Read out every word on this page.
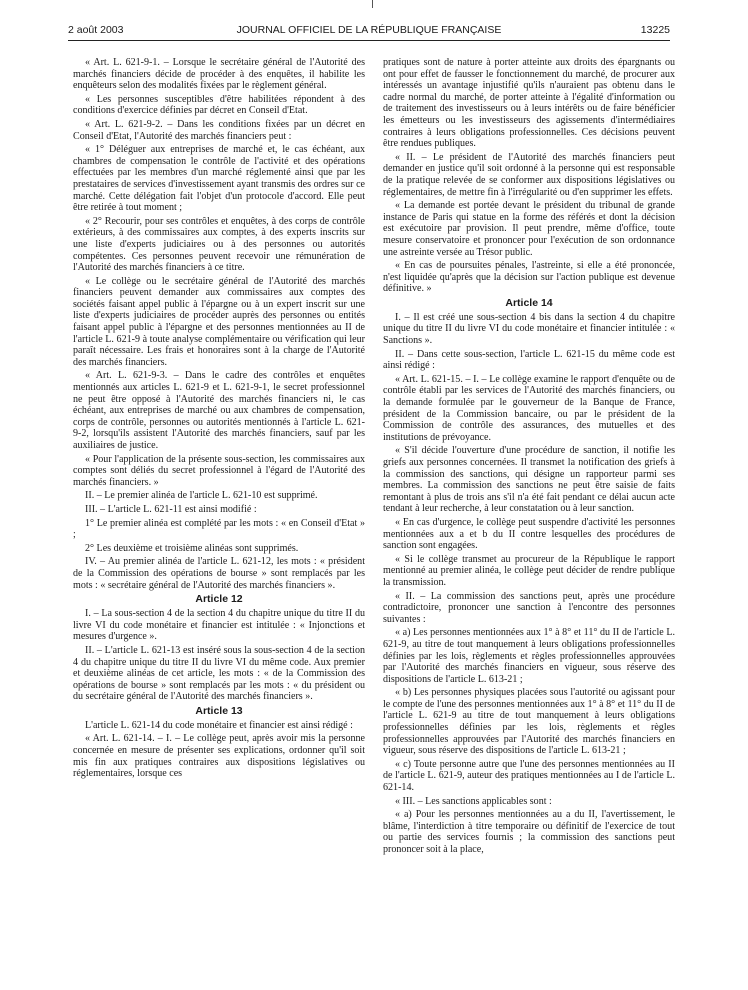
2 août 2003	JOURNAL OFFICIEL DE LA RÉPUBLIQUE FRANÇAISE	13225

« Art. L. 621-9-1. – Lorsque le secrétaire général de l'Autorité des marchés financiers décide de procéder à des enquêtes, il habilite les enquêteurs selon des modalités fixées par le règlement général.

« Les personnes susceptibles d'être habilitées répondent à des conditions d'exercice définies par décret en Conseil d'Etat.

« Art. L. 621-9-2. – Dans les conditions fixées par un décret en Conseil d'Etat, l'Autorité des marchés financiers peut :

« 1° Déléguer aux entreprises de marché et, le cas échéant, aux chambres de compensation le contrôle de l'activité et des opérations effectuées par les membres d'un marché réglementé ainsi que par les prestataires de services d'investissement ayant transmis des ordres sur ce marché. Cette délégation fait l'objet d'un protocole d'accord. Elle peut être retirée à tout moment ;

« 2° Recourir, pour ses contrôles et enquêtes, à des corps de contrôle extérieurs, à des commissaires aux comptes, à des experts inscrits sur une liste d'experts judiciaires ou à des personnes ou autorités compétentes. Ces personnes peuvent recevoir une rémunération de l'Autorité des marchés financiers à ce titre.

« Le collège ou le secrétaire général de l'Autorité des marchés financiers peuvent demander aux commissaires aux comptes des sociétés faisant appel public à l'épargne ou à un expert inscrit sur une liste d'experts judiciaires de procéder auprès des personnes ou entités faisant appel public à l'épargne et des personnes mentionnées au II de l'article L. 621-9 à toute analyse complémentaire ou vérification qui leur paraît nécessaire. Les frais et honoraires sont à la charge de l'Autorité des marchés financiers.

« Art. L. 621-9-3. – Dans le cadre des contrôles et enquêtes mentionnés aux articles L. 621-9 et L. 621-9-1, le secret professionnel ne peut être opposé à l'Autorité des marchés financiers ni, le cas échéant, aux entreprises de marché ou aux chambres de compensation, corps de contrôle, personnes ou autorités mentionnés à l'article L. 621-9-2, lorsqu'ils assistent l'Autorité des marchés financiers, sauf par les auxiliaires de justice.

« Pour l'application de la présente sous-section, les commissaires aux comptes sont déliés du secret professionnel à l'égard de l'Autorité des marchés financiers. »

II. – Le premier alinéa de l'article L. 621-10 est supprimé.

III. – L'article L. 621-11 est ainsi modifié :

1° Le premier alinéa est complété par les mots : « en Conseil d'Etat » ;

2° Les deuxième et troisième alinéas sont supprimés.

IV. – Au premier alinéa de l'article L. 621-12, les mots : « président de la Commission des opérations de bourse » sont remplacés par les mots : « secrétaire général de l'Autorité des marchés financiers ».

Article 12

I. – La sous-section 4 de la section 4 du chapitre unique du titre II du livre VI du code monétaire et financier est intitulée : « Injonctions et mesures d'urgence ».

II. – L'article L. 621-13 est inséré sous la sous-section 4 de la section 4 du chapitre unique du titre II du livre VI du même code. Aux premier et deuxième alinéas de cet article, les mots : « de la Commission des opérations de bourse » sont remplacés par les mots : « du président ou du secrétaire général de l'Autorité des marchés financiers ».

Article 13

L'article L. 621-14 du code monétaire et financier est ainsi rédigé :

« Art. L. 621-14. – I. – Le collège peut, après avoir mis la personne concernée en mesure de présenter ses explications, ordonner qu'il soit mis fin aux pratiques contraires aux dispositions législatives ou réglementaires, lorsque ces

pratiques sont de nature à porter atteinte aux droits des épargnants ou ont pour effet de fausser le fonctionnement du marché, de procurer aux intéressés un avantage injustifié qu'ils n'auraient pas obtenu dans le cadre normal du marché, de porter atteinte à l'égalité d'information ou de traitement des investisseurs ou à leurs intérêts ou de faire bénéficier les émetteurs ou les investisseurs des agissements d'intermédiaires contraires à leurs obligations professionnelles. Ces décisions peuvent être rendues publiques.

« II. – Le président de l'Autorité des marchés financiers peut demander en justice qu'il soit ordonné à la personne qui est responsable de la pratique relevée de se conformer aux dispositions législatives ou réglementaires, de mettre fin à l'irrégularité ou d'en supprimer les effets.

« La demande est portée devant le président du tribunal de grande instance de Paris qui statue en la forme des référés et dont la décision est exécutoire par provision. Il peut prendre, même d'office, toute mesure conservatoire et prononcer pour l'exécution de son ordonnance une astreinte versée au Trésor public.

« En cas de poursuites pénales, l'astreinte, si elle a été prononcée, n'est liquidée qu'après que la décision sur l'action publique est devenue définitive. »

Article 14

I. – Il est créé une sous-section 4 bis dans la section 4 du chapitre unique du titre II du livre VI du code monétaire et financier intitulée : « Sanctions ».

II. – Dans cette sous-section, l'article L. 621-15 du même code est ainsi rédigé :

« Art. L. 621-15. – I. – Le collège examine le rapport d'enquête ou de contrôle établi par les services de l'Autorité des marchés financiers, ou la demande formulée par le gouverneur de la Banque de France, président de la Commission bancaire, ou par le président de la Commission de contrôle des assurances, des mutuelles et des institutions de prévoyance.

« S'il décide l'ouverture d'une procédure de sanction, il notifie les griefs aux personnes concernées. Il transmet la notification des griefs à la commission des sanctions, qui désigne un rapporteur parmi ses membres. La commission des sanctions ne peut être saisie de faits remontant à plus de trois ans s'il n'a été fait pendant ce délai aucun acte tendant à leur recherche, à leur constatation ou à leur sanction.

« En cas d'urgence, le collège peut suspendre d'activité les personnes mentionnées aux a et b du II contre lesquelles des procédures de sanction sont engagées.

« Si le collège transmet au procureur de la République le rapport mentionné au premier alinéa, le collège peut décider de rendre publique la transmission.

« II. – La commission des sanctions peut, après une procédure contradictoire, prononcer une sanction à l'encontre des personnes suivantes :

« a) Les personnes mentionnées aux 1° à 8° et 11° du II de l'article L. 621-9, au titre de tout manquement à leurs obligations professionnelles définies par les lois, règlements et règles professionnelles approuvées par l'Autorité des marchés financiers en vigueur, sous réserve des dispositions de l'article L. 613-21 ;

« b) Les personnes physiques placées sous l'autorité ou agissant pour le compte de l'une des personnes mentionnées aux 1° à 8° et 11° du II de l'article L. 621-9 au titre de tout manquement à leurs obligations professionnelles définies par les lois, règlements et règles professionnelles approuvées par l'Autorité des marchés financiers en vigueur, sous réserve des dispositions de l'article L. 613-21 ;

« c) Toute personne autre que l'une des personnes mentionnées au II de l'article L. 621-9, auteur des pratiques mentionnées au I de l'article L. 621-14.

« III. – Les sanctions applicables sont :

« a) Pour les personnes mentionnées au a du II, l'avertissement, le blâme, l'interdiction à titre temporaire ou définitif de l'exercice de tout ou partie des services fournis ; la commission des sanctions peut prononcer soit à la place,
